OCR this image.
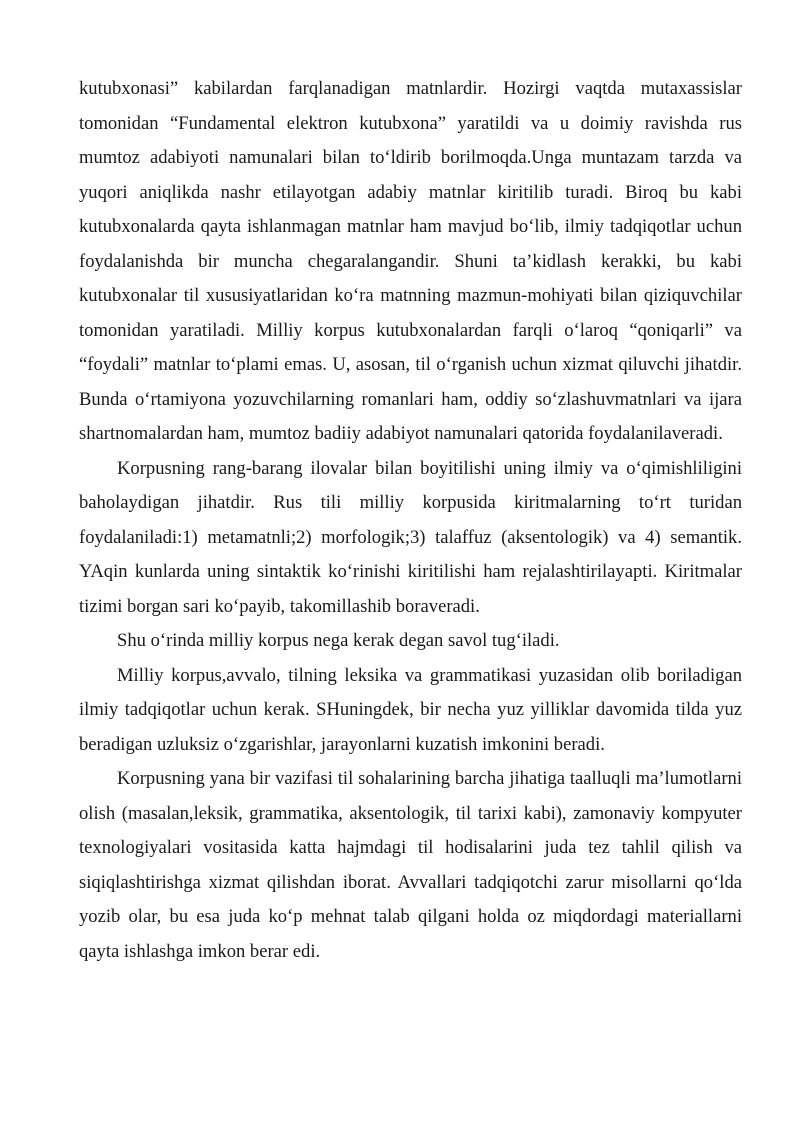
kutubxonasi” kabilardan farqlanadigan matnlardir. Hozirgi vaqtda mutaxassislar tomonidan “Fundamental elektron kutubxona” yaratildi va u doimiy ravishda rus mumtoz adabiyoti namunalari bilan to‘ldirib borilmoqda.Unga muntazam tarzda va yuqori aniqlikda nashr etilayotgan adabiy matnlar kiritilib turadi. Biroq bu kabi kutubxonalarda qayta ishlanmagan matnlar ham mavjud bo‘lib, ilmiy tadqiqotlar uchun foydalanishda bir muncha chegaralangandir. Shuni ta’kidlash kerakki, bu kabi kutubxonalar til xususiyatlaridan ko‘ra matnning mazmun-mohiyati bilan qiziquvchilar tomonidan yaratiladi. Milliy korpus kutubxonalardan farqli o‘laroq “qoniqarli” va “foydali” matnlar to‘plami emas. U, asosan, til o‘rganish uchun xizmat qiluvchi jihatdir. Bunda o‘rtamiyona yozuvchilarning romanlari ham, oddiy so‘zlashuvmatnlari va ijara shartnomalardan ham, mumtoz badiiy adabiyot namunalari qatorida foydalanilaveradi.

Korpusning rang-barang ilovalar bilan boyitilishi uning ilmiy va o‘qimishliligini baholaydigan jihatdir. Rus tili milliy korpusida kiritmalarning to‘rt turidan foydalaniladi:1) metamatnli;2) morfologik;3) talaffuz (aksentologik) va 4) semantik. YAqin kunlarda uning sintaktik ko‘rinishi kiritilishi ham rejalashtirilayapti. Kiritmalar tizimi borgan sari ko‘payib, takomillashib boraveradi.

Shu o‘rinda milliy korpus nega kerak degan savol tug‘iladi.

Milliy korpus,avvalo, tilning leksika va grammatikasi yuzasidan olib boriladigan ilmiy tadqiqotlar uchun kerak. SHuningdek, bir necha yuz yilliklar davomida tilda yuz beradigan uzluksiz o‘zgarishlar, jarayonlarni kuzatish imkonini beradi.

Korpusning yana bir vazifasi til sohalarining barcha jihatiga taalluqli ma’lumotlarni olish (masalan,leksik, grammatika, aksentologik, til tarixi kabi), zamonaviy kompyuter texnologiyalari vositasida katta hajmdagi til hodisalarini juda tez tahlil qilish va siqiqlashtirishga xizmat qilishdan iborat. Avvallari tadqiqotchi zarur misollarni qo‘lda yozib olar, bu esa juda ko‘p mehnat talab qilgani holda oz miqdordagi materiallarni qayta ishlashga imkon berar edi.
